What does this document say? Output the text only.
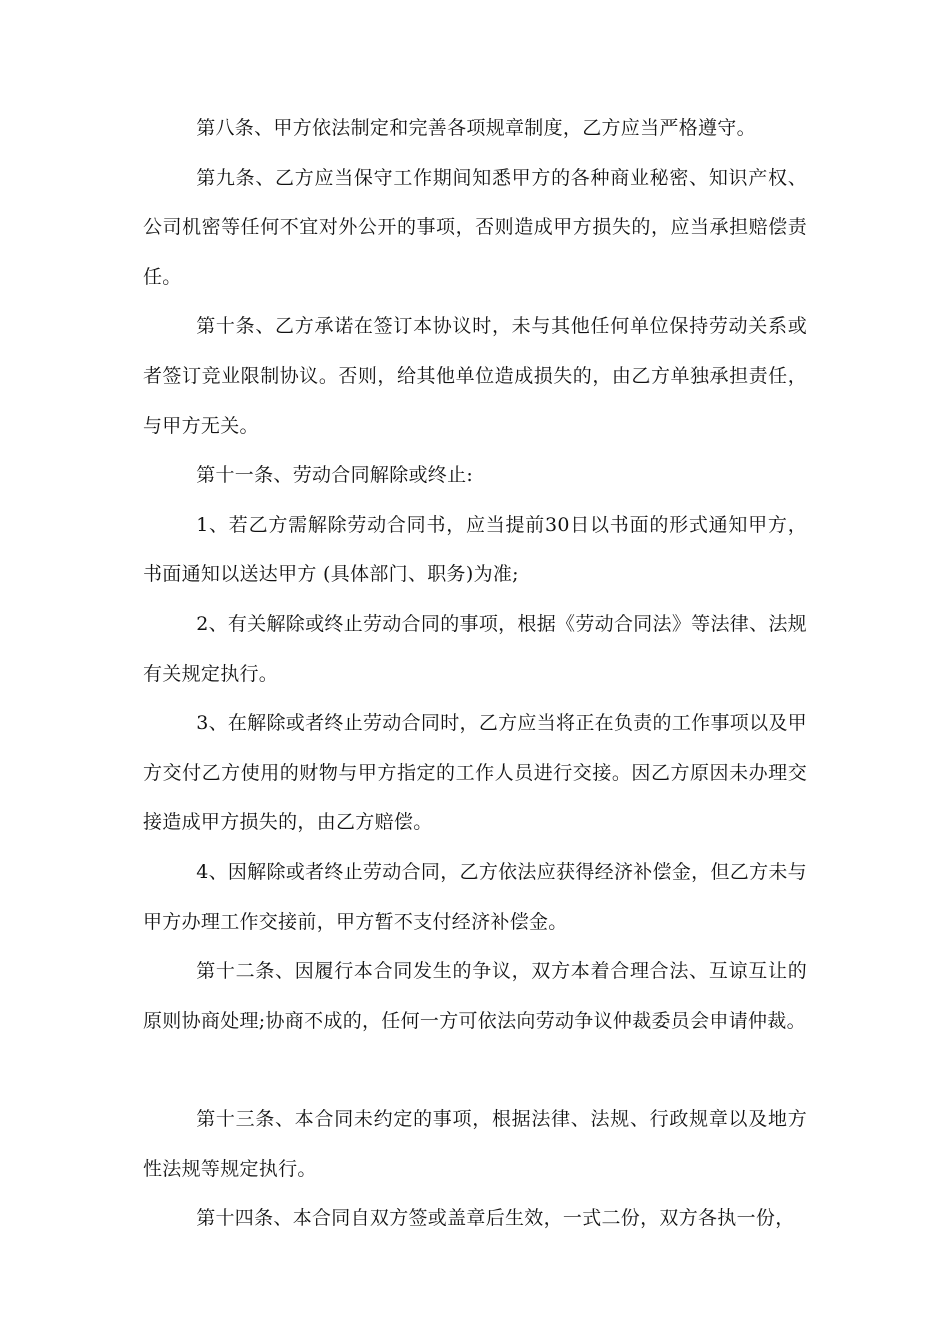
第八条、甲方依法制定和完善各项规章制度，乙方应当严格遵守。

第九条、乙方应当保守工作期间知悉甲方的各种商业秘密、知识产权、公司机密等任何不宜对外公开的事项，否则造成甲方损失的，应当承担赔偿责任。

第十条、乙方承诺在签订本协议时，未与其他任何单位保持劳动关系或者签订竞业限制协议。否则，给其他单位造成损失的，由乙方单独承担责任，与甲方无关。

第十一条、劳动合同解除或终止:

1、若乙方需解除劳动合同书，应当提前30日以书面的形式通知甲方，书面通知以送达甲方 (具体部门、职务)为准;

2、有关解除或终止劳动合同的事项，根据《劳动合同法》等法律、法规有关规定执行。

3、在解除或者终止劳动合同时，乙方应当将正在负责的工作事项以及甲方交付乙方使用的财物与甲方指定的工作人员进行交接。因乙方原因未办理交接造成甲方损失的，由乙方赔偿。

4、因解除或者终止劳动合同，乙方依法应获得经济补偿金，但乙方未与甲方办理工作交接前，甲方暂不支付经济补偿金。

第十二条、因履行本合同发生的争议，双方本着合理合法、互谅互让的原则协商处理;协商不成的，任何一方可依法向劳动争议仲裁委员会申请仲裁。

第十三条、本合同未约定的事项，根据法律、法规、行政规章以及地方性法规等规定执行。

第十四条、本合同自双方签或盖章后生效，一式二份，双方各执一份，
